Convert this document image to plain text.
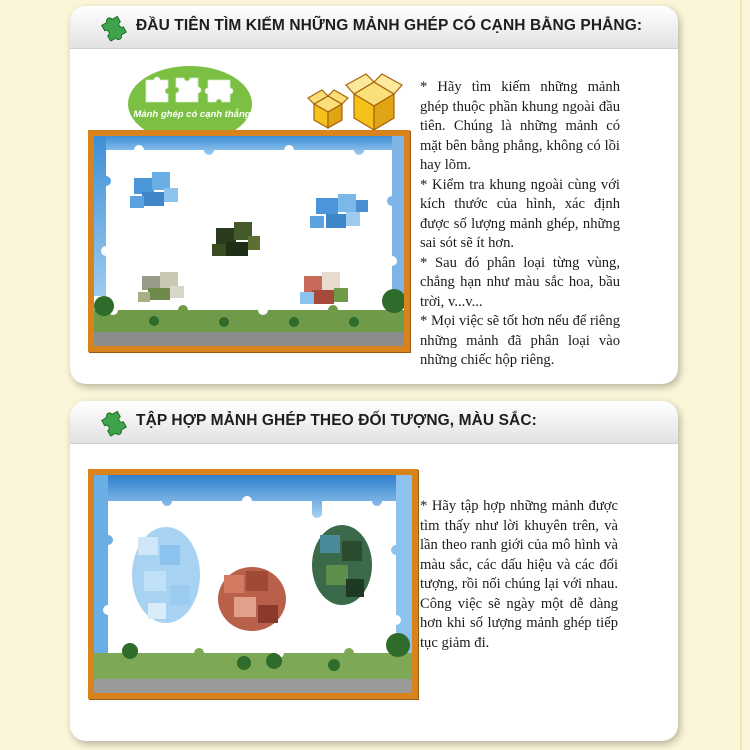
ĐẦU TIÊN TÌM KIẾM NHỮNG MẢNH GHÉP CÓ CẠNH BẰNG PHẲNG:
Mảnh ghép có cạnh thẳng

* Hãy tìm kiếm những mảnh ghép thuộc phần khung ngoài đầu tiên. Chúng là những mảnh có mặt bên bằng phẳng, không có lồi hay lõm.

* Kiểm tra khung ngoài cùng với kích thước của hình, xác định được số lượng mảnh ghép, những sai sót sẽ ít hơn.

* Sau đó phân loại từng vùng, chẳng hạn như màu sắc hoa, bầu trời, v...v...

* Mọi việc sẽ tốt hơn nếu để riêng những mảnh đã phân loại vào những chiếc hộp riêng.

TẬP HỢP MẢNH GHÉP THEO ĐỐI TƯỢNG, MÀU SẮC:

* Hãy tập hợp những mảnh được tìm thấy như lời khuyên trên, và lần theo ranh giới của mô hình và màu sắc, các dấu hiệu và các đối tượng, rồi nối chúng lại với nhau. Công việc sẽ ngày một dễ dàng hơn khi số lượng mảnh ghép tiếp tục giảm đi.
